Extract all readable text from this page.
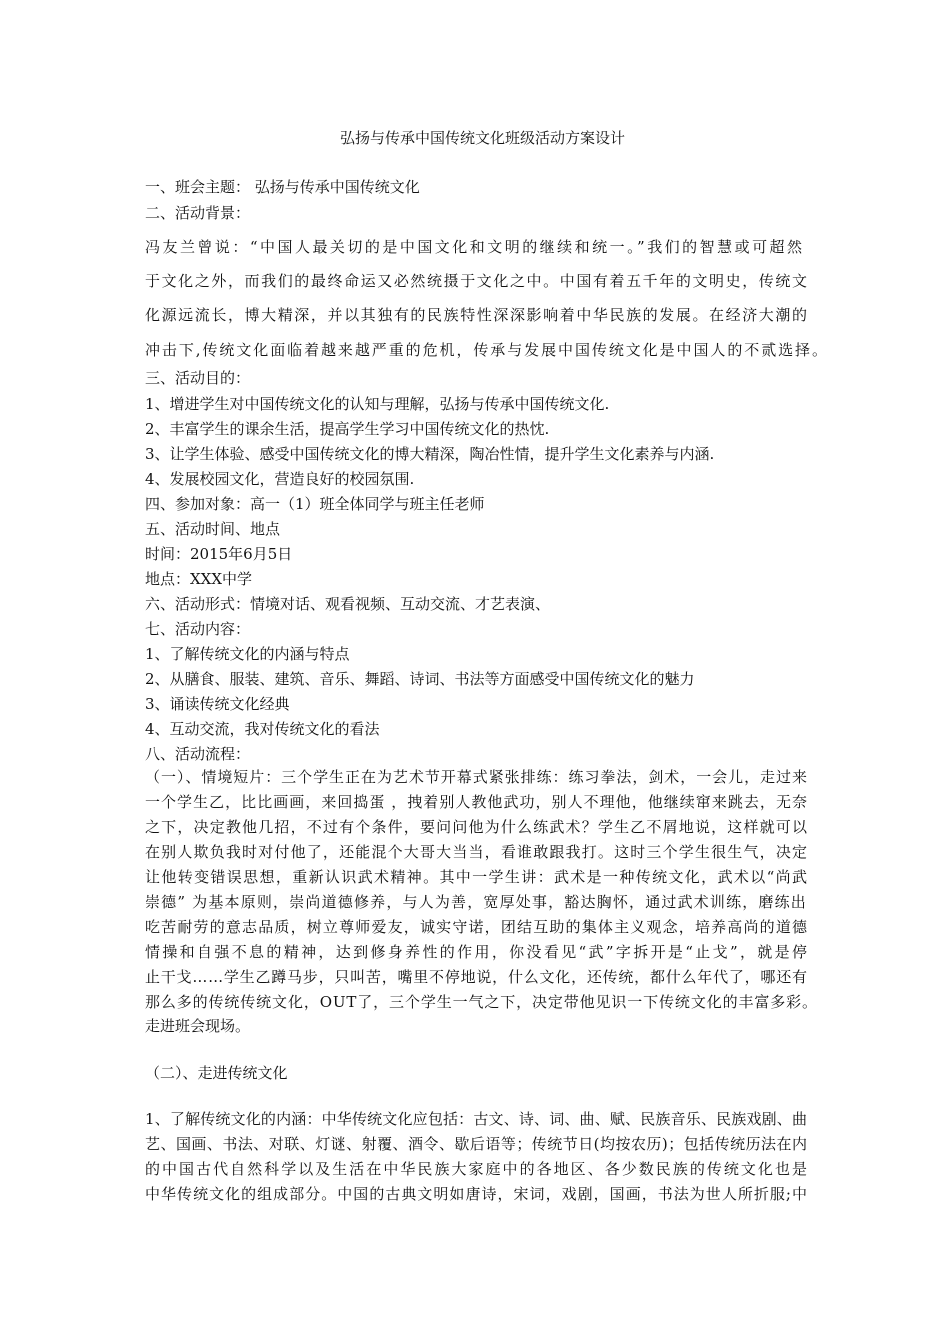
弘扬与传承中国传统文化班级活动方案设计
一、班会主题： 弘扬与传承中国传统文化
二、活动背景：
冯友兰曾说：“中国人最关切的是中国文化和文明的继续和统一。”我们的智慧或可超然
于文化之外，而我们的最终命运又必然统摄于文化之中。中国有着五千年的文明史，传统文
化源远流长，博大精深，并以其独有的民族特性深深影响着中华民族的发展。在经济大潮的
冲击下,传统文化面临着越来越严重的危机，传承与发展中国传统文化是中国人的不贰选择。
三、活动目的：
1、增进学生对中国传统文化的认知与理解，弘扬与传承中国传统文化.
2、丰富学生的课余生活，提高学生学习中国传统文化的热忱.
3、让学生体验、感受中国传统文化的博大精深，陶冶性情，提升学生文化素养与内涵.
4、发展校园文化，营造良好的校园氛围.
四、参加对象：高一（1）班全体同学与班主任老师
五、活动时间、地点
时间：2015年6月5日
地点：XXX中学
六、活动形式：情境对话、观看视频、互动交流、才艺表演、
七、活动内容：
1、了解传统文化的内涵与特点
2、从膳食、服装、建筑、音乐、舞蹈、诗词、书法等方面感受中国传统文化的魅力
3、诵读传统文化经典
4、互动交流，我对传统文化的看法
八、活动流程：
（一）、情境短片：三个学生正在为艺术节开幕式紧张排练：练习拳法，剑术，一会儿，走过来
一个学生乙，比比画画，来回捣蛋 ，拽着别人教他武功，别人不理他，他继续窜来跳去，无奈
之下，决定教他几招，不过有个条件，要问问他为什么练武术？学生乙不屑地说，这样就可以
在别人欺负我时对付他了，还能混个大哥大当当，看谁敢跟我打。这时三个学生很生气，决定
让他转变错误思想，重新认识武术精神。其中一学生讲：武术是一种传统文化，武术以“尚武
崇德” 为基本原则，崇尚道德修养，与人为善，宽厚处事，豁达胸怀，通过武术训练，磨练出
吃苦耐劳的意志品质，树立尊师爱友，诚实守诺，团结互助的集体主义观念，培养高尚的道德
情操和自强不息的精神，达到修身养性的作用，你没看见“武”字拆开是“止戈”，就是停
止干戈……学生乙蹲马步，只叫苦，嘴里不停地说，什么文化，还传统，都什么年代了，哪还有
那么多的传统传统文化，OUT了，三个学生一气之下，决定带他见识一下传统文化的丰富多彩。
走进班会现场。
（二）、走进传统文化
1、了解传统文化的内涵：中华传统文化应包括：古文、诗、词、曲、赋、民族音乐、民族戏剧、曲
艺、国画、书法、对联、灯谜、射覆、酒令、歇后语等；传统节日(均按农历)；包括传统历法在内
的中国古代自然科学以及生活在中华民族大家庭中的各地区、各少数民族的传统文化也是
中华传统文化的组成部分。中国的古典文明如唐诗，宋词，戏剧，国画，书法为世人所折服;中
